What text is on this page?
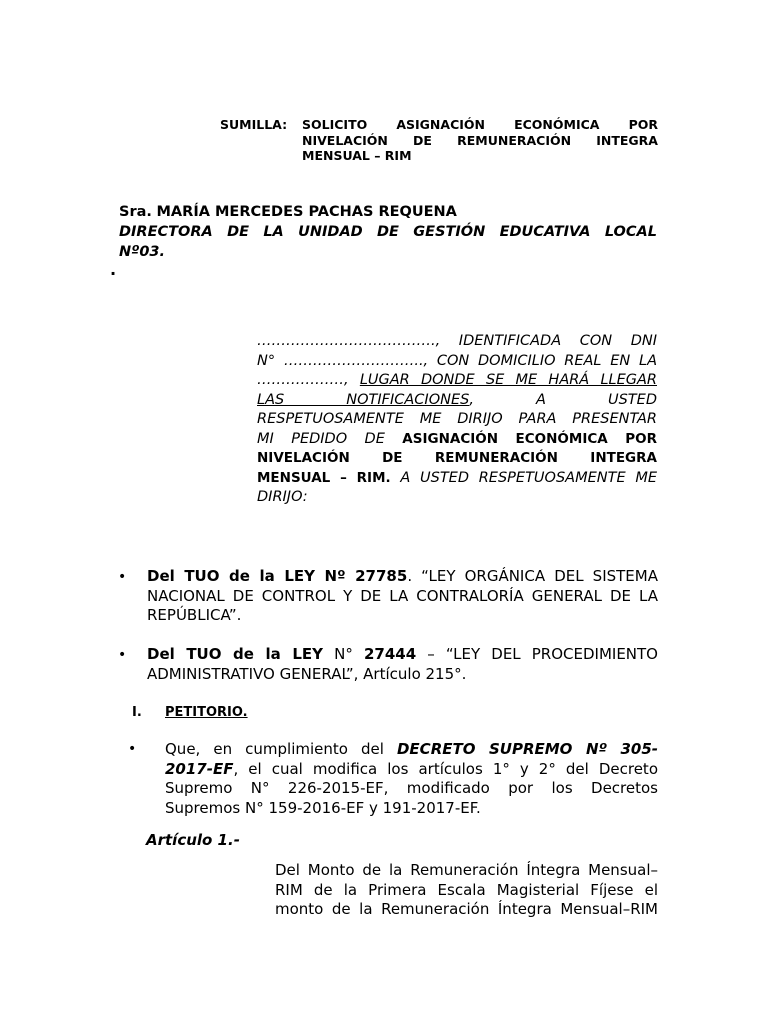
SUMILLA:	SOLICITO ASIGNACIÓN ECONÓMICA POR
NIVELACIÓN DE REMUNERACIÓN INTEGRA
MENSUAL – RIM
Sra. MARÍA MERCEDES PACHAS REQUENA
DIRECTORA DE LA UNIDAD DE GESTIÓN EDUCATIVA LOCAL
Nº03.
.
………………………………., IDENTIFICADA CON DNI
N° ……………………….., CON DOMICILIO REAL EN LA
………………, LUGAR DONDE SE ME HARÁ LLEGAR
LAS NOTIFICACIONES, A USTED
RESPETUOSAMENTE ME DIRIJO PARA PRESENTAR
MI PEDIDO DE ASIGNACIÓN ECONÓMICA POR
NIVELACIÓN DE REMUNERACIÓN INTEGRA
MENSUAL – RIM. A USTED RESPETUOSAMENTE ME
DIRIJO:
• Del TUO de la LEY Nº 27785. “LEY ORGÁNICA DEL SISTEMA
NACIONAL DE CONTROL Y DE LA CONTRALORÍA GENERAL DE LA
REPÚBLICA”.
• Del TUO de la LEY N° 27444 – “LEY DEL PROCEDIMIENTO
ADMINISTRATIVO GENERAL”, Artículo 215°.
I. PETITORIO.
• Que, en cumplimiento del DECRETO SUPREMO Nº 305-
2017-EF, el cual modifica los artículos 1° y 2° del Decreto
Supremo N° 226-2015-EF, modificado por los Decretos
Supremos N° 159-2016-EF y 191-2017-EF.
Artículo 1.-
Del Monto de la Remuneración Íntegra Mensual–
RIM de la Primera Escala Magisterial Fíjese el
monto de la Remuneración Íntegra Mensual–RIM
